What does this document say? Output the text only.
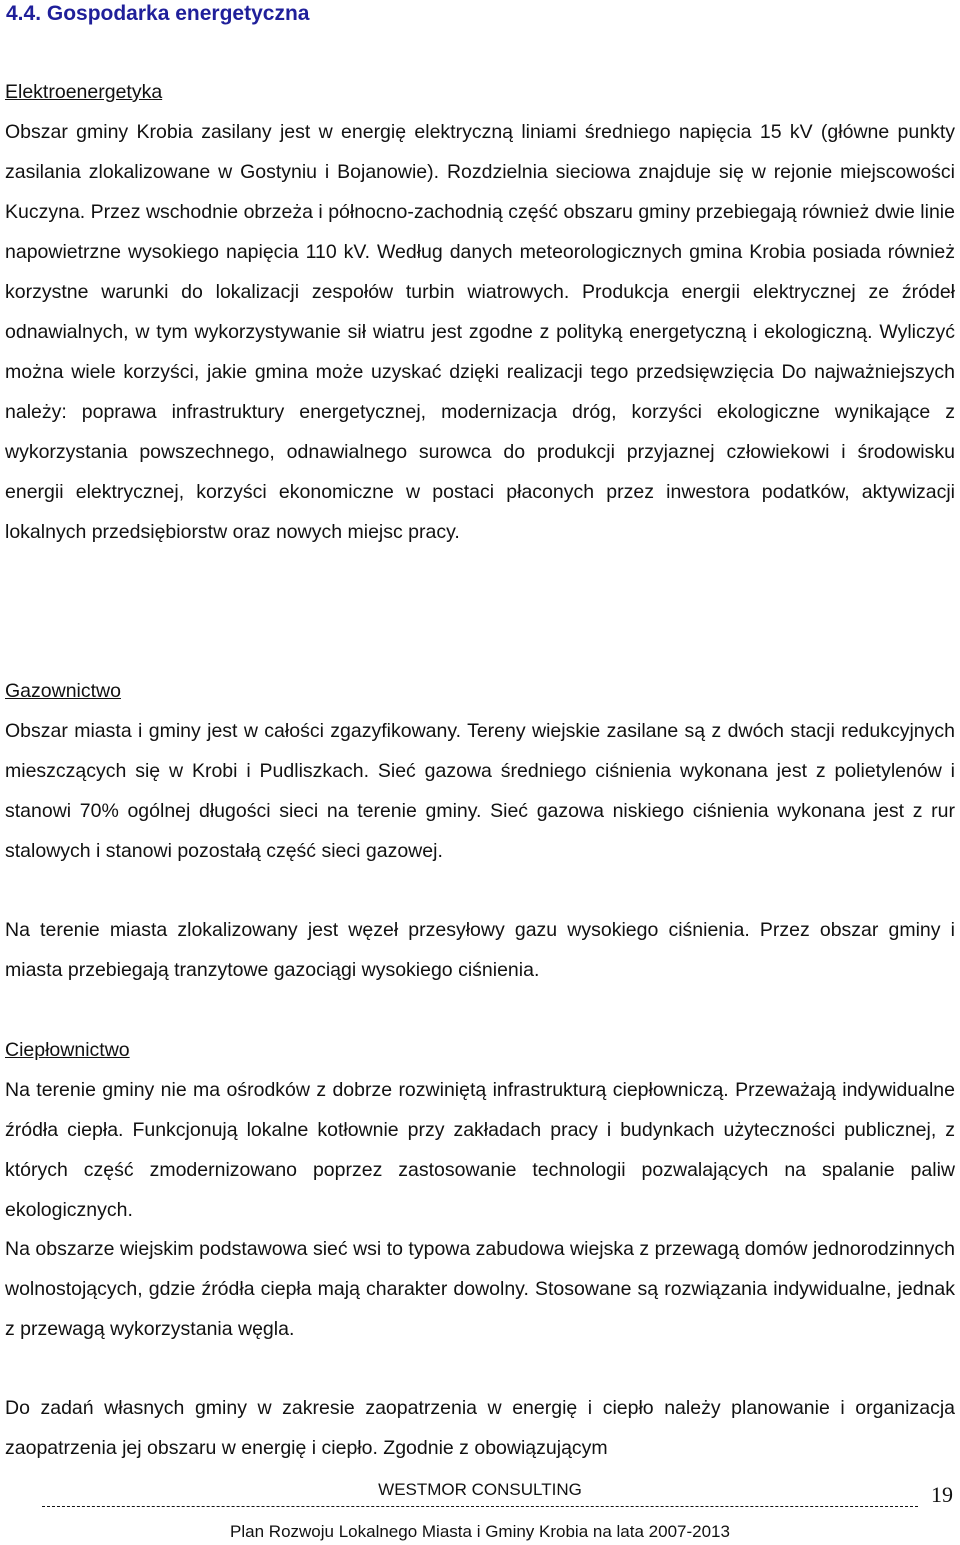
4.4. Gospodarka energetyczna
Elektroenergetyka
Obszar gminy Krobia zasilany jest w energię elektryczną liniami średniego napięcia 15 kV (główne punkty zasilania zlokalizowane w Gostyniu i Bojanowie). Rozdzielnia sieciowa znajduje się w rejonie miejscowości Kuczyna. Przez wschodnie obrzeża i północno-zachodnią część obszaru gminy przebiegają również dwie linie napowietrzne wysokiego napięcia 110 kV. Według danych meteorologicznych gmina Krobia posiada również korzystne warunki do lokalizacji zespołów turbin wiatrowych. Produkcja energii elektrycznej ze źródeł odnawialnych, w tym wykorzystywanie sił wiatru jest zgodne z polityką energetyczną i ekologiczną. Wyliczyć można wiele korzyści, jakie gmina może uzyskać dzięki realizacji tego przedsięwzięcia Do najważniejszych należy: poprawa infrastruktury energetycznej, modernizacja dróg, korzyści ekologiczne wynikające z wykorzystania powszechnego, odnawialnego surowca do produkcji przyjaznej człowiekowi i środowisku energii elektrycznej, korzyści ekonomiczne w postaci płaconych przez inwestora podatków, aktywizacji lokalnych przedsiębiorstw oraz nowych miejsc pracy.
Gazownictwo
Obszar miasta i gminy jest w całości zgazyfikowany. Tereny wiejskie zasilane są z dwóch stacji redukcyjnych mieszczących się w Krobi i Pudliszkach. Sieć gazowa średniego ciśnienia wykonana jest z polietylenów i stanowi 70% ogólnej długości sieci na terenie gminy. Sieć gazowa niskiego ciśnienia wykonana jest z rur stalowych i stanowi pozostałą część sieci gazowej.
Na terenie miasta zlokalizowany jest węzeł przesyłowy gazu wysokiego ciśnienia. Przez obszar gminy i miasta przebiegają tranzytowe gazociągi wysokiego ciśnienia.
Ciepłownictwo
Na terenie gminy nie ma ośrodków z dobrze rozwiniętą infrastrukturą ciepłowniczą. Przeważają indywidualne źródła ciepła. Funkcjonują lokalne kotłownie przy zakładach pracy i budynkach użyteczności publicznej, z których część zmodernizowano poprzez zastosowanie technologii pozwalających na spalanie paliw ekologicznych.
Na obszarze wiejskim podstawowa sieć wsi to typowa zabudowa wiejska z przewagą domów jednorodzinnych wolnostojących, gdzie źródła ciepła mają charakter dowolny. Stosowane są rozwiązania indywidualne, jednak z przewagą wykorzystania węgla.
Do zadań własnych gminy w zakresie zaopatrzenia w energię i ciepło należy planowanie i organizacja zaopatrzenia jej obszaru w energię i ciepło. Zgodnie z obowiązującym
WESTMOR CONSULTING	19
Plan Rozwoju Lokalnego Miasta i Gminy Krobia na lata 2007-2013
